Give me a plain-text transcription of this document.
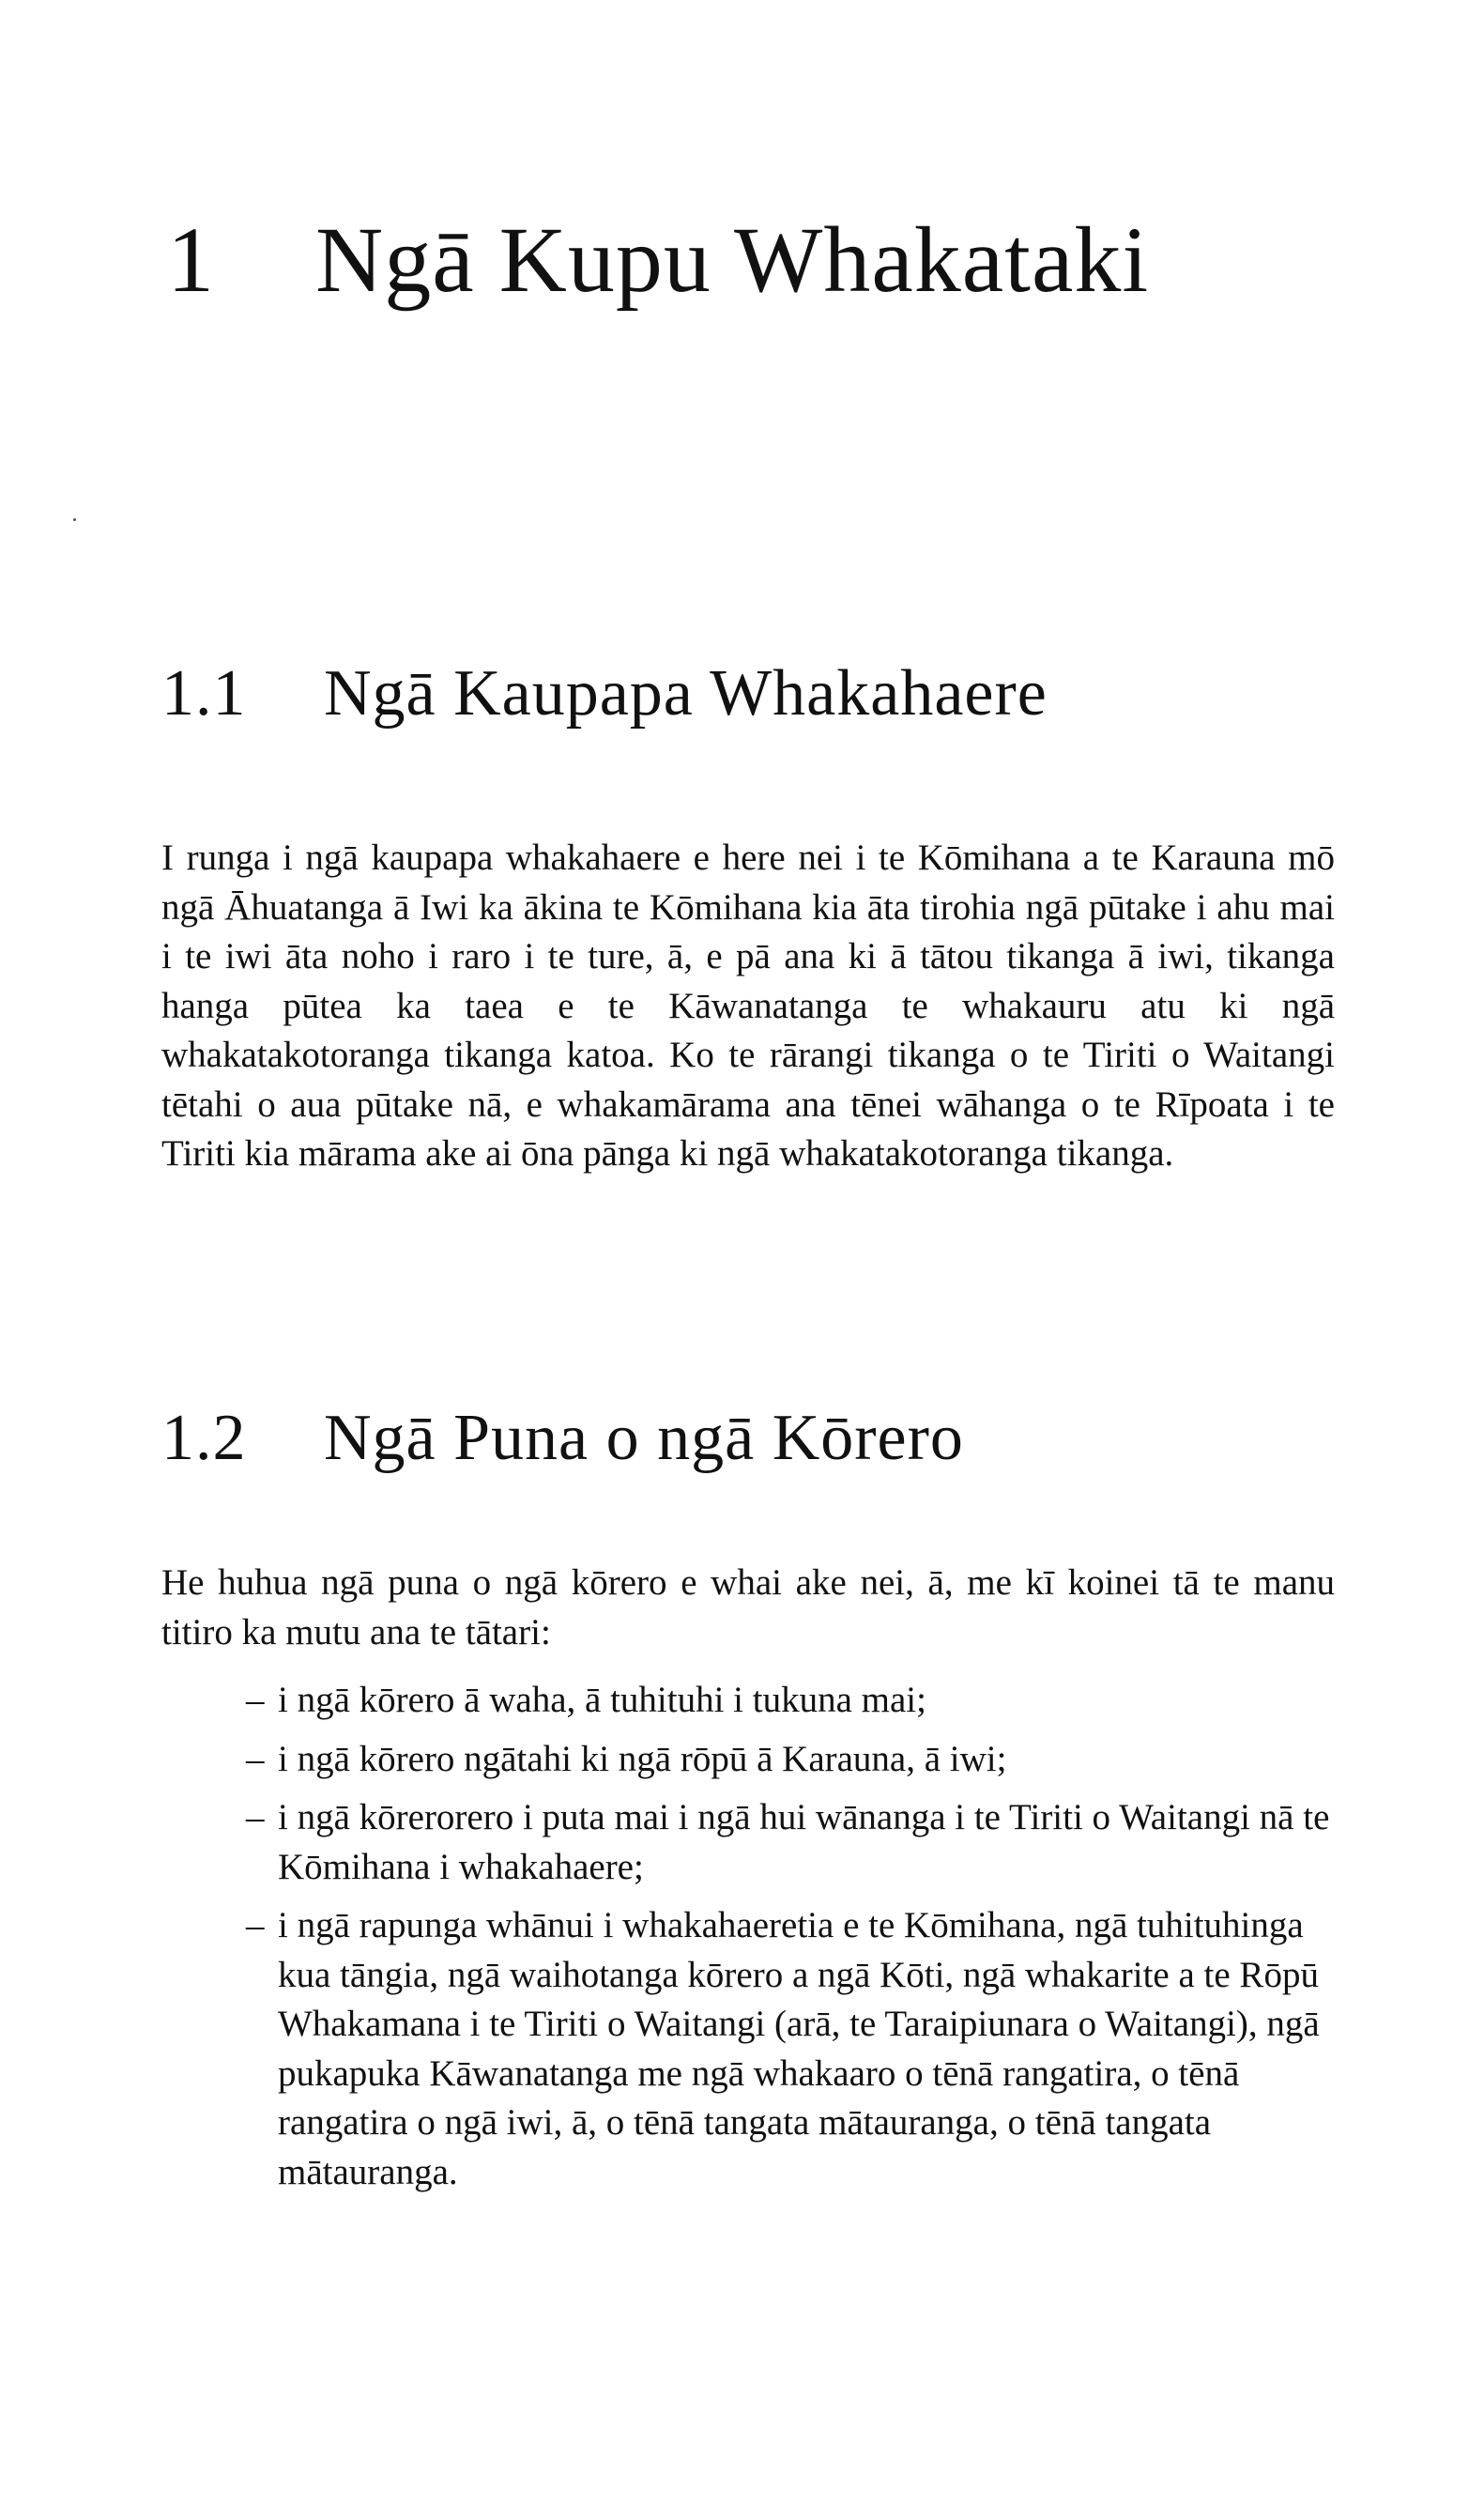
1 Ngā Kupu Whakataki
1.1 Ngā Kaupapa Whakahaere

I runga i ngā kaupapa whakahaere e here nei i te Kōmihana a te Karauna mō ngā Āhuatanga ā Iwi ka ākina te Kōmihana kia āta tirohia ngā pūtake i ahu mai i te iwi āta noho i raro i te ture, ā, e pā ana ki ā tātou tikanga ā iwi, tikanga hanga pūtea ka taea e te Kāwanatanga te whakauru atu ki ngā whakatakotoranga tikanga katoa. Ko te rārangi tikanga o te Tiriti o Waitangi tētahi o aua pūtake nā, e whakamārama ana tēnei wāhanga o te Rīpoata i te Tiriti kia mārama ake ai ōna pānga ki ngā whakatakotoranga tikanga.

1.2 Ngā Puna o ngā Kōrero

He huhua ngā puna o ngā kōrero e whai ake nei, ā, me kī koinei tā te manu titiro ka mutu ana te tātari:

– i ngā kōrero ā waha, ā tuhituhi i tukuna mai;
– i ngā kōrero ngātahi ki ngā rōpū ā Karauna, ā iwi;
– i ngā kōrerorero i puta mai i ngā hui wānanga i te Tiriti o Waitangi nā te Kōmihana i whakahaere;
– i ngā rapunga whānui i whakahaeretia e te Kōmihana, ngā tuhituhinga kua tāngia, ngā waihotanga kōrero a ngā Kōti, ngā whakarite a te Rōpū Whakamana i te Tiriti o Waitangi (arā, te Taraipiunara o Waitangi), ngā pukapuka Kāwanatanga me ngā whakaaro o tēnā rangatira, o tēnā rangatira o ngā iwi, ā, o tēnā tangata mātauranga, o tēnā tangata mātauranga.
